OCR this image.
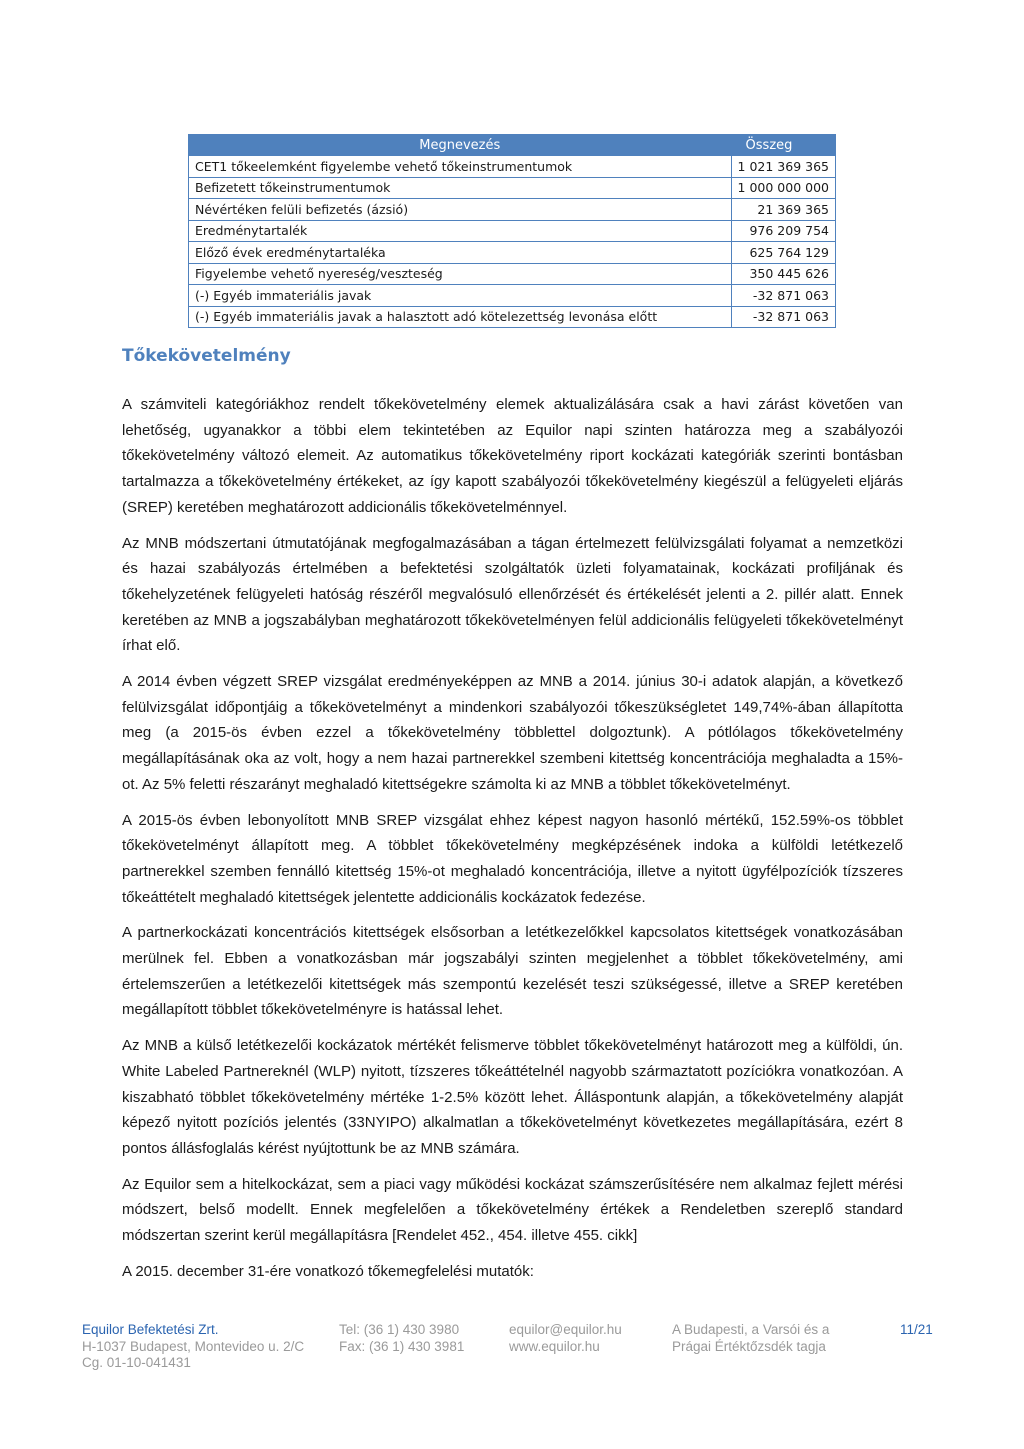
Megnevezés	Összeg
CET1 tőkeelemként figyelembe vehető tőkeinstrumentumok	1 021 369 365
Befizetett tőkeinstrumentumok	1 000 000 000
Névértéken felüli befizetés (ázsió)	21 369 365
Eredménytartalék	976 209 754
Előző évek eredménytartaléka	625 764 129
Figyelembe vehető nyereség/veszteség	350 445 626
(-) Egyéb immateriális javak	-32 871 063
(-) Egyéb immateriális javak a halasztott adó kötelezettség levonása előtt	-32 871 063
Tőkekövetelmény

A számviteli kategóriákhoz rendelt tőkekövetelmény elemek aktualizálására csak a havi zárást követően van lehetőség, ugyanakkor a többi elem tekintetében az Equilor napi szinten határozza meg a szabályozói tőkekövetelmény változó elemeit. Az automatikus tőkekövetelmény riport kockázati kategóriák szerinti bontásban tartalmazza a tőkekövetelmény értékeket, az így kapott szabályozói tőkekövetelmény kiegészül a felügyeleti eljárás (SREP) keretében meghatározott addicionális tőkekövetelménnyel.

Az MNB módszertani útmutatójának megfogalmazásában a tágan értelmezett felülvizsgálati folyamat a nemzetközi és hazai szabályozás értelmében a befektetési szolgáltatók üzleti folyamatainak, kockázati profiljának és tőkehelyzetének felügyeleti hatóság részéről megvalósuló ellenőrzését és értékelését jelenti a 2. pillér alatt. Ennek keretében az MNB a jogszabályban meghatározott tőkekövetelményen felül addicionális felügyeleti tőkekövetelményt írhat elő.

A 2014 évben végzett SREP vizsgálat eredményeképpen az MNB a 2014. június 30-i adatok alapján, a következő felülvizsgálat időpontjáig a tőkekövetelményt a mindenkori szabályozói tőkeszükségletet 149,74%-ában állapította meg (a 2015-ös évben ezzel a tőkekövetelmény többlettel dolgoztunk). A pótlólagos tőkekövetelmény megállapításának oka az volt, hogy a nem hazai partnerekkel szembeni kitettség koncentrációja meghaladta a 15%-ot. Az 5% feletti részarányt meghaladó kitettségekre számolta ki az MNB a többlet tőkekövetelményt.

A 2015-ös évben lebonyolított MNB SREP vizsgálat ehhez képest nagyon hasonló mértékű, 152.59%-os többlet tőkekövetelményt állapított meg. A többlet tőkekövetelmény megképzésének indoka a külföldi letétkezelő partnerekkel szemben fennálló kitettség 15%-ot meghaladó koncentrációja, illetve a nyitott ügyfélpozíciók tízszeres tőkeáttételt meghaladó kitettségek jelentette addicionális kockázatok fedezése.

A partnerkockázati koncentrációs kitettségek elsősorban a letétkezelőkkel kapcsolatos kitettségek vonatkozásában merülnek fel. Ebben a vonatkozásban már jogszabályi szinten megjelenhet a többlet tőkekövetelmény, ami értelemszerűen a letétkezelői kitettségek más szempontú kezelését teszi szükségessé, illetve a SREP keretében megállapított többlet tőkekövetelményre is hatással lehet.

Az MNB a külső letétkezelői kockázatok mértékét felismerve többlet tőkekövetelményt határozott meg a külföldi, ún. White Labeled Partnereknél (WLP) nyitott, tízszeres tőkeáttételnél nagyobb származtatott pozíciókra vonatkozóan. A kiszabható többlet tőkekövetelmény mértéke 1-2.5% között lehet. Álláspontunk alapján, a tőkekövetelmény alapját képező nyitott pozíciós jelentés (33NYIPO) alkalmatlan a tőkekövetelményt következetes megállapítására, ezért 8 pontos állásfoglalás kérést nyújtottunk be az MNB számára.

Az Equilor sem a hitelkockázat, sem a piaci vagy működési kockázat számszerűsítésére nem alkalmaz fejlett mérési módszert, belső modellt. Ennek megfelelően a tőkekövetelmény értékek a Rendeletben szereplő standard módszertan szerint kerül megállapításra [Rendelet 452., 454. illetve 455. cikk]

A 2015. december 31-ére vonatkozó tőkemegfelelési mutatók:

Equilor Befektetési Zrt.
H-1037 Budapest, Montevideo u. 2/C
Cg. 01-10-041431
Tel: (36 1) 430 3980
Fax: (36 1) 430 3981
equilor@equilor.hu
www.equilor.hu
A Budapesti, a Varsói és a
Prágai Értéktőzsdék tagja
11/21
